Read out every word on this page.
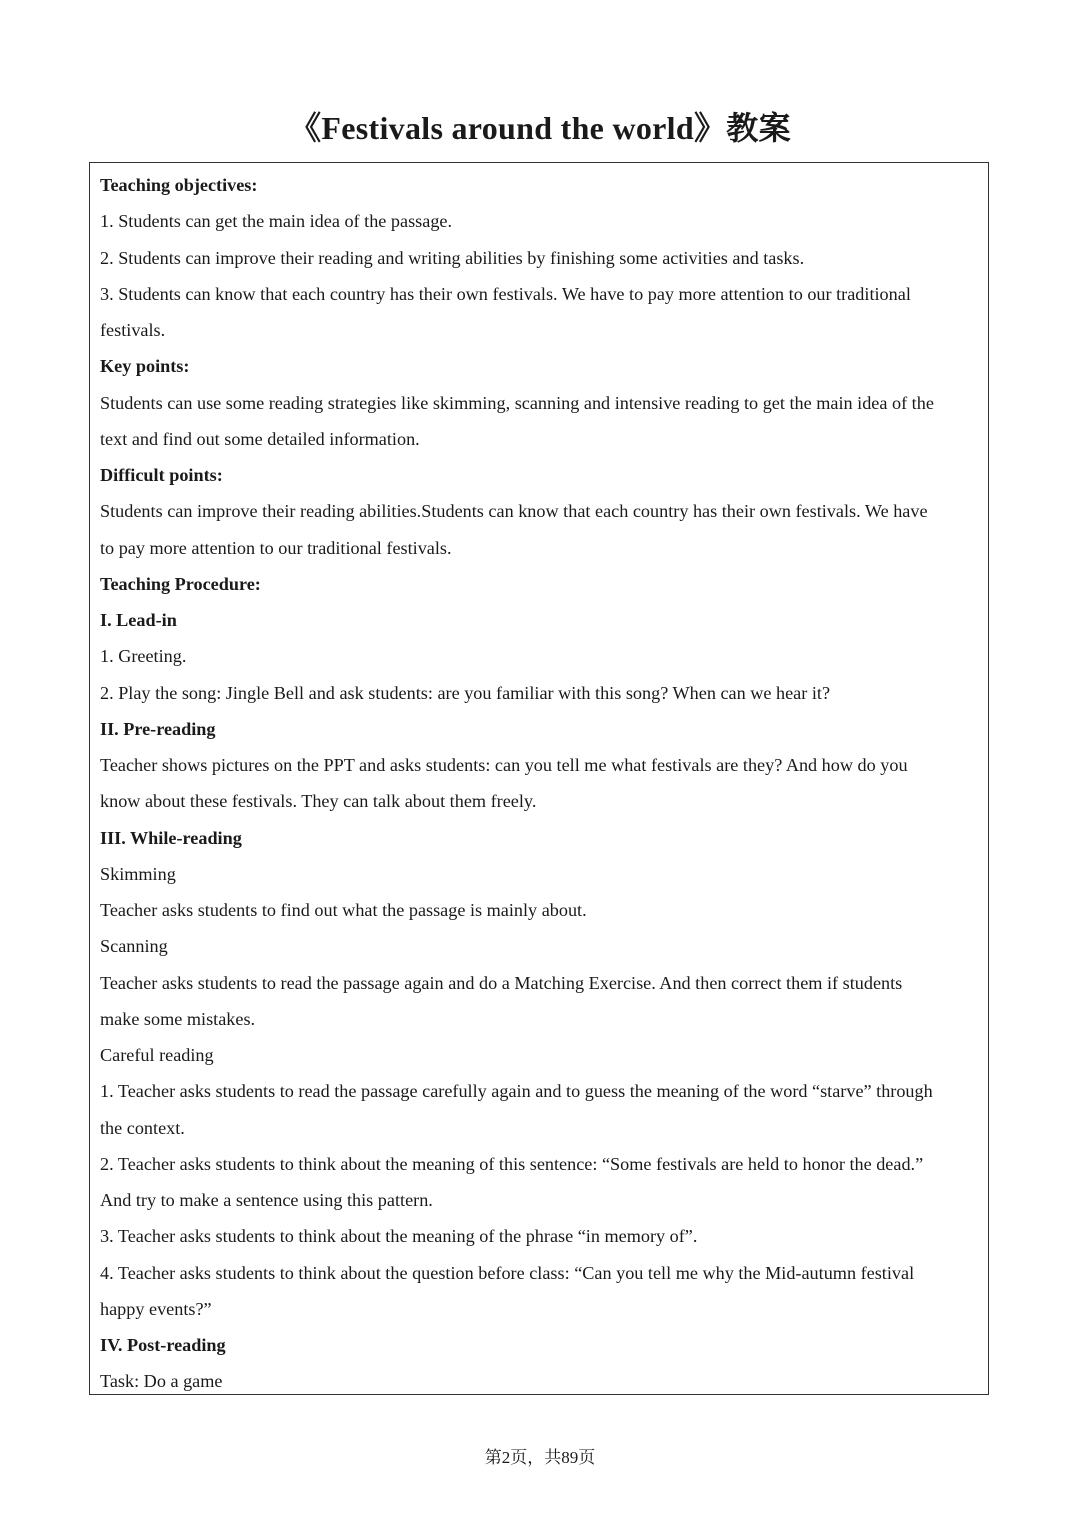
《Festivals around the world》教案
Teaching objectives:
1. Students can get the main idea of the passage.
2. Students can improve their reading and writing abilities by finishing some activities and tasks.
3. Students can know that each country has their own festivals. We have to pay more attention to our traditional
festivals.
Key points:
Students can use some reading strategies like skimming, scanning and intensive reading to get the main idea of the
text and find out some detailed information.
Difficult points:
Students can improve their reading abilities.Students can know that each country has their own festivals. We have
to pay more attention to our traditional festivals.
Teaching Procedure:
I. Lead-in
1. Greeting.
2. Play the song: Jingle Bell and ask students: are you familiar with this song? When can we hear it?
II. Pre-reading
Teacher shows pictures on the PPT and asks students: can you tell me what festivals are they? And how do you
know about these festivals. They can talk about them freely.
III. While-reading
Skimming
Teacher asks students to find out what the passage is mainly about.
Scanning
Teacher asks students to read the passage again and do a Matching Exercise. And then correct them if students
make some mistakes.
Careful reading
1. Teacher asks students to read the passage carefully again and to guess the meaning of the word “starve” through
the context.
2. Teacher asks students to think about the meaning of this sentence: “Some festivals are held to honor the dead.”
And try to make a sentence using this pattern.
3. Teacher asks students to think about the meaning of the phrase “in memory of”.
4. Teacher asks students to think about the question before class: “Can you tell me why the Mid-autumn festival
happy events?”
IV. Post-reading
Task: Do a game
第2页，共89页
